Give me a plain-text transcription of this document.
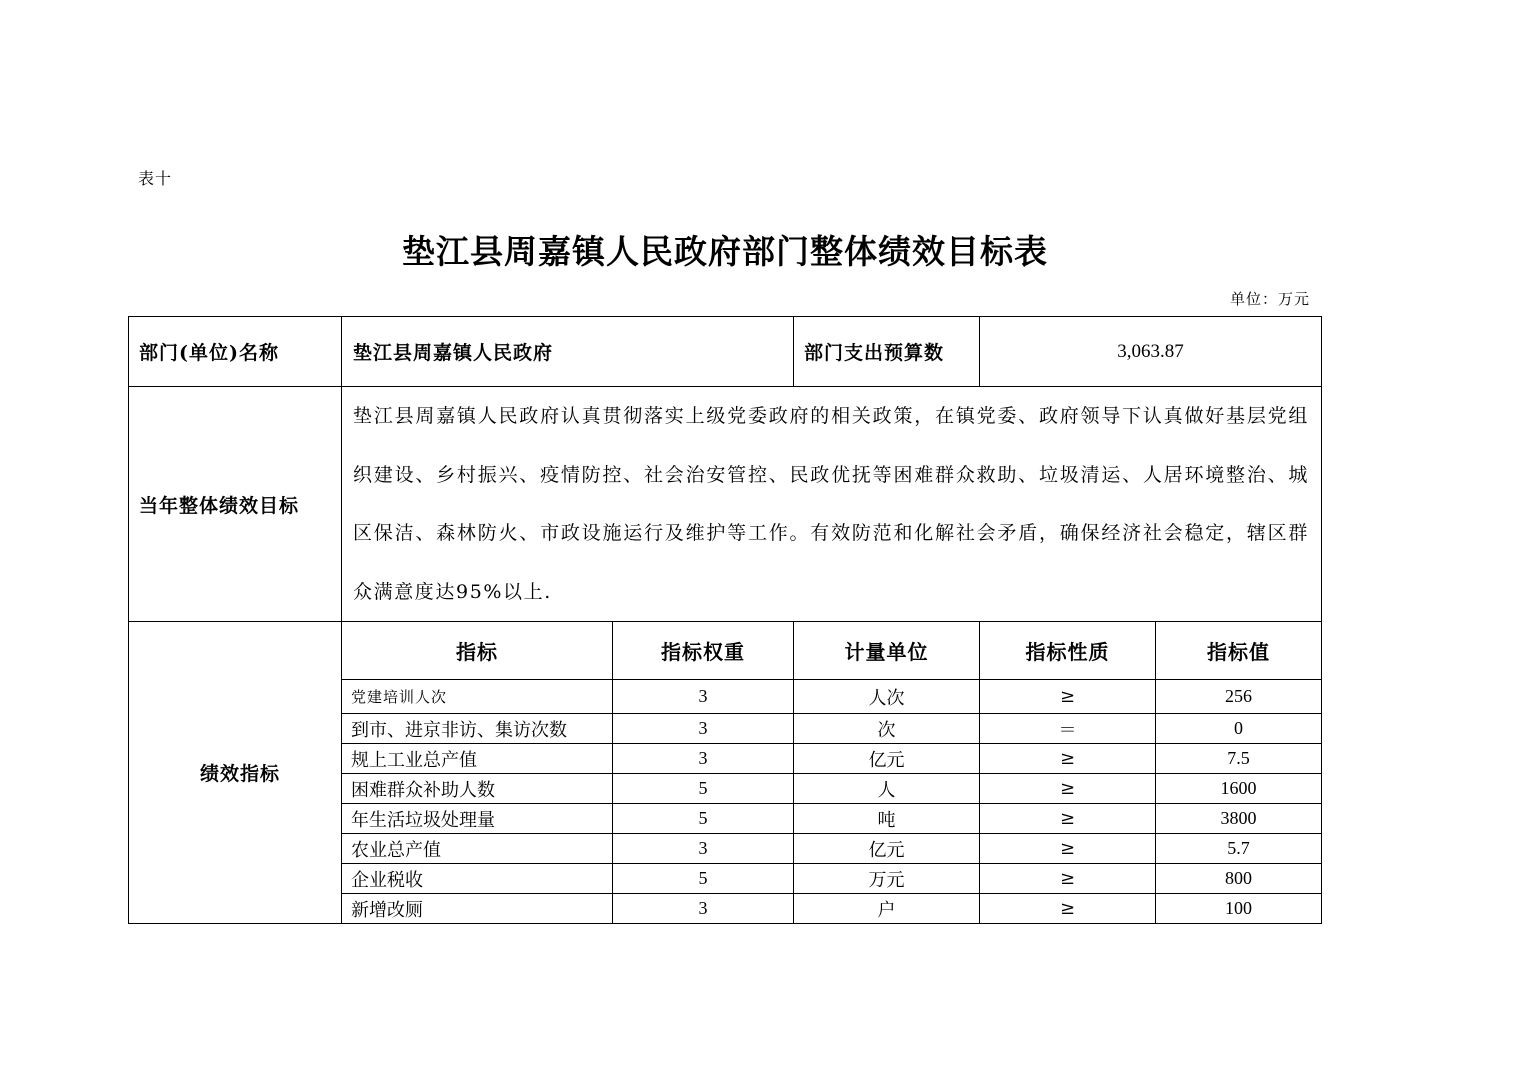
表十
垫江县周嘉镇人民政府部门整体绩效目标表
单位：万元
部门(单位)名称	垫江县周嘉镇人民政府		部门支出预算数	3,063.87	
当年整体绩效目标	垫江县周嘉镇人民政府认真贯彻落实上级党委政府的相关政策，在镇党委、政府领导下认真做好基层党组织建设、乡村振兴、疫情防控、社会治安管控、民政优抚等困难群众救助、垃圾清运、人居环境整治、城区保洁、森林防火、市政设施运行及维护等工作。有效防范和化解社会矛盾，确保经济社会稳定，辖区群众满意度达95%以上.				
绩效指标	指标	指标权重	计量单位	指标性质	指标值
	党建培训人次	3	人次	≥	256
	到市、进京非访、集访次数	3	次	＝	0
	规上工业总产值	3	亿元	≥	7.5
	困难群众补助人数	5	人	≥	1600
	年生活垃圾处理量	5	吨	≥	3800
	农业总产值	3	亿元	≥	5.7
	企业税收	5	万元	≥	800
	新增改厕	3	户	≥	100
